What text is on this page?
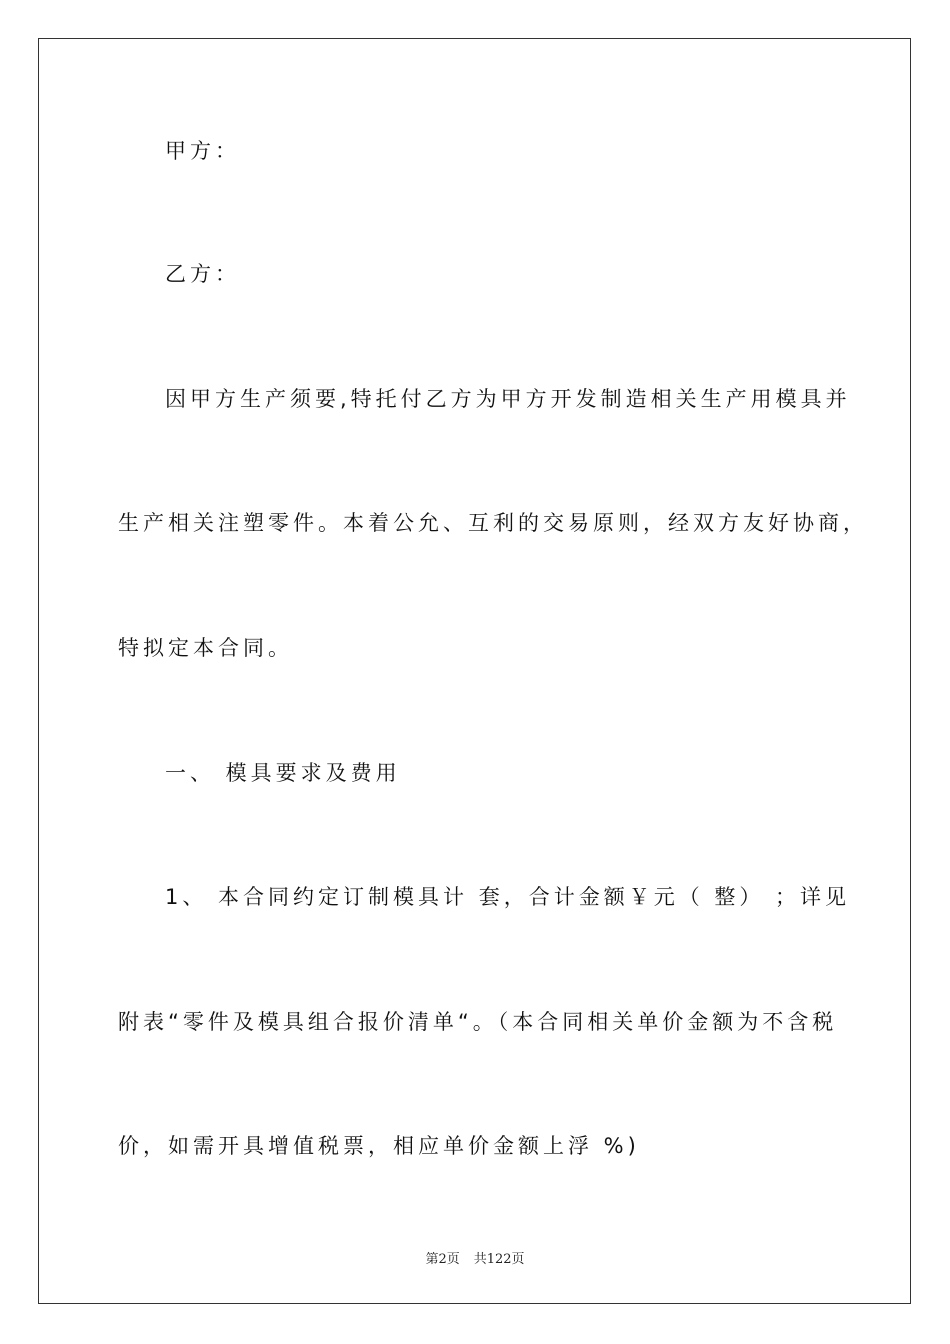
甲方：
乙方：
因甲方生产须要,特托付乙方为甲方开发制造相关生产用模具并
生产相关注塑零件。本着公允、互利的交易原则，经双方友好协商，
特拟定本合同。
一、 模具要求及费用
1、 本合同约定订制模具计 套，合计金额￥元（ 整） ；详见
附表“零件及模具组合报价清单“。（本合同相关单价金额为不含税
价，如需开具增值税票，相应单价金额上浮 %)
第2页 共122页
